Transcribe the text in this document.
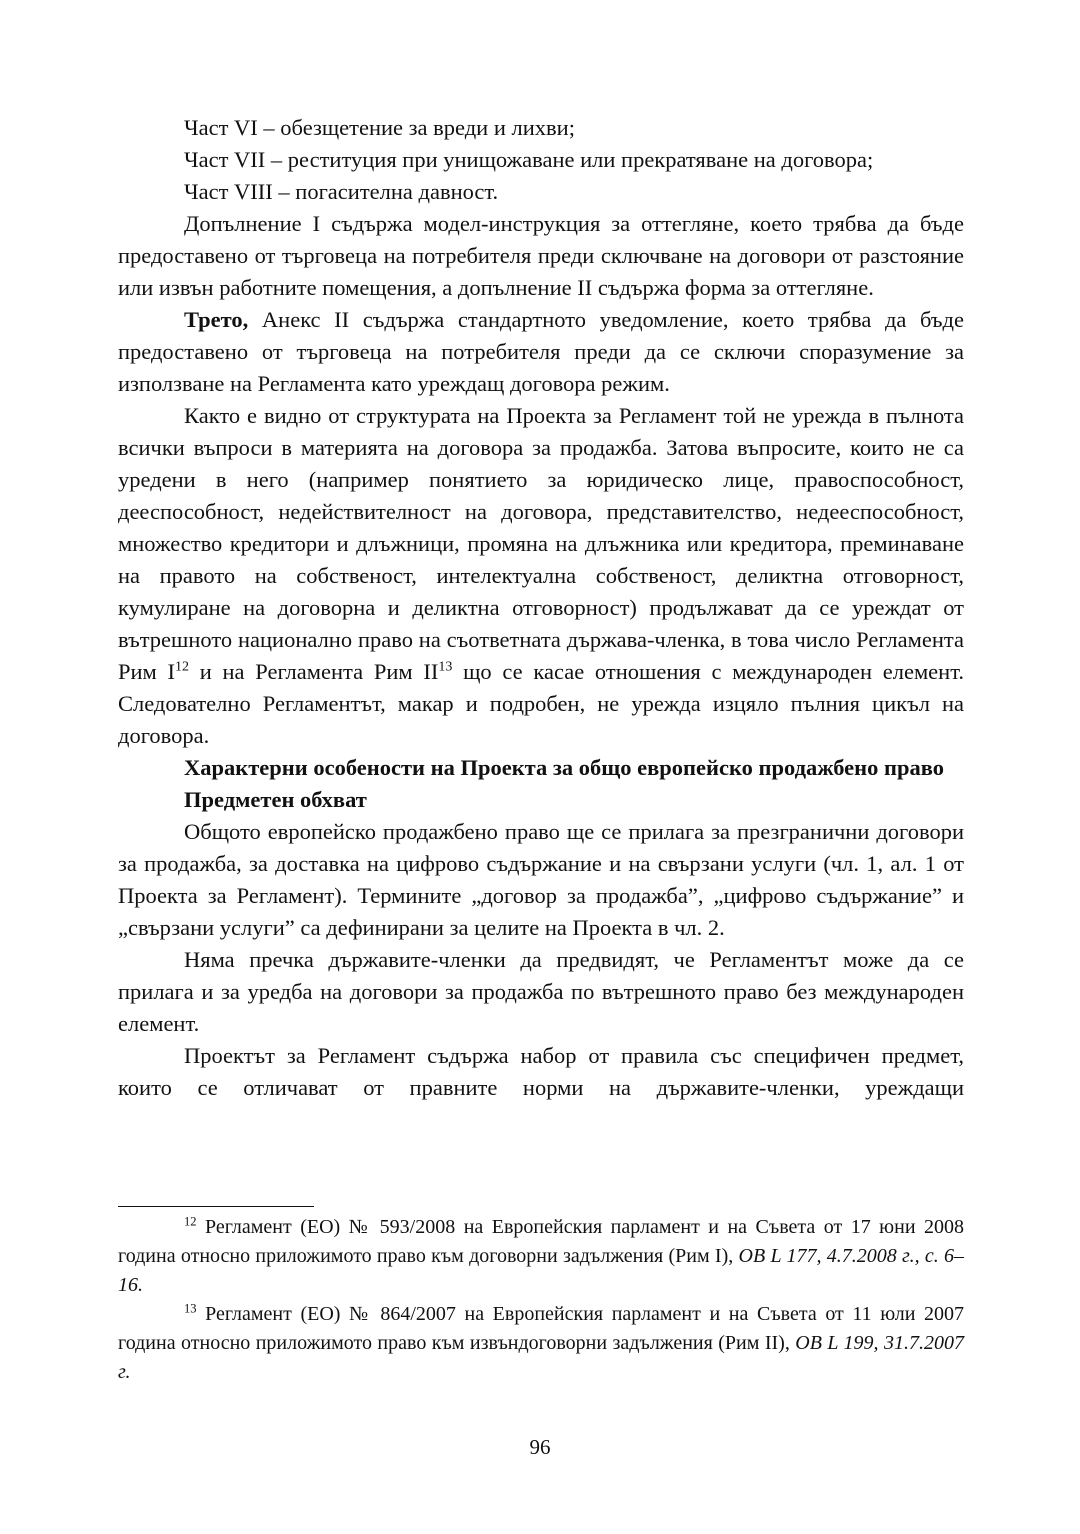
Част VI – обезщетение за вреди и лихви;

Част VII – реституция при унищожаване или прекратяване на договора;

Част VIII – погасителна давност.

Допълнение I съдържа модел-инструкция за оттегляне, което трябва да бъде предоставено от търговеца на потребителя преди сключване на договори от разстояние или извън работните помещения, а допълнение II съдържа форма за оттегляне.

Трето, Анекс II съдържа стандартното уведомление, което трябва да бъде предоставено от търговеца на потребителя преди да се сключи споразумение за използване на Регламента като уреждащ договора режим.

Както е видно от структурата на Проекта за Регламент той не урежда в пълнота всички въпроси в материята на договора за продажба. Затова въпросите, които не са уредени в него (например понятието за юридическо лице, правоспособност, дееспособност, недействителност на договора, представителство, недееспособност, множество кредитори и длъжници, промяна на длъжника или кредитора, преминаване на правото на собственост, интелектуална собственост, деликтна отговорност, кумулиране на договорна и деликтна отговорност) продължават да се уреждат от вътрешното национално право на съответната държава-членка, в това число Регламента Рим $I^{12}$ и на Регламента Рим II$^{13}$ що се касае отношения с международен елемент. Следователно Регламентът, макар и подробен, не урежда изцяло пълния цикъл на договора.

Характерни особености на Проекта за общо европейско продажбено право

Предметен обхват

Общото европейско продажбено право ще се прилага за презгранични договори за продажба, за доставка на цифрово съдържание и на свързани услуги (чл. 1, ал. 1 от Проекта за Регламент). Термините „договор за продажба”, „цифрово съдържание” и „свързани услуги” са дефинирани за целите на Проекта в чл. 2.

Няма пречка държавите-членки да предвидят, че Регламентът може да се прилага и за уредба на договори за продажба по вътрешното право без международен елемент.

Проектът за Регламент съдържа набор от правила със специфичен предмет, които се отличават от правните норми на държавите-членки, уреждащи

$^{12}$ Регламент (ЕО) № 593/2008 на Европейския парламент и на Съвета от 17 юни 2008 година относно приложимото право към договорни задължения (Рим I), ОВ L 177, 4.7.2008 г., с. 6–16.

$^{13}$ Регламент (ЕО) № 864/2007 на Европейския парламент и на Съвета от 11 юли 2007 година относно приложимото право към извъндоговорни задължения (Рим II), ОВ L 199, 31.7.2007 г.

96
